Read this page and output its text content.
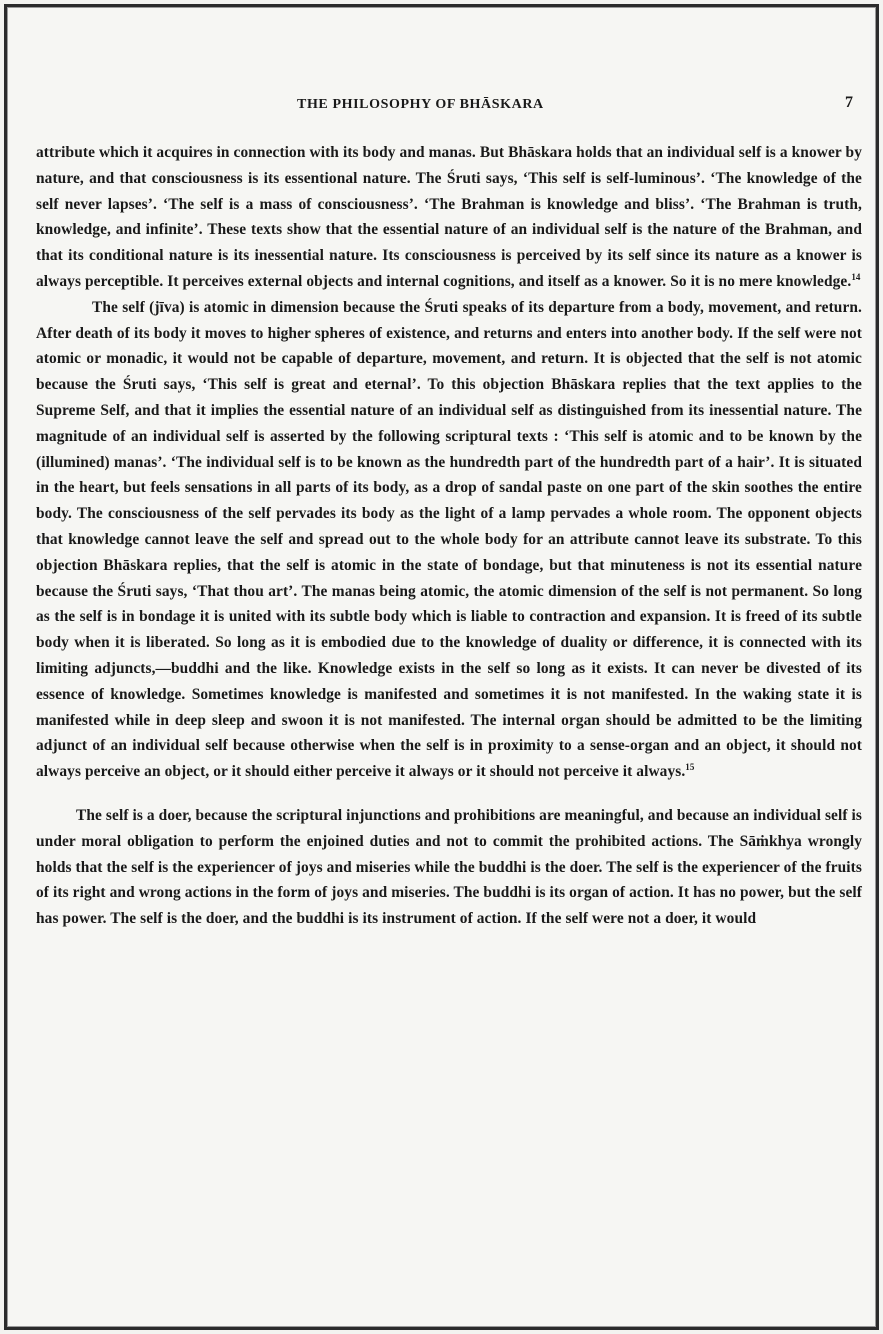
THE PHILOSOPHY OF BHĀSKARA	7

attribute which it acquires in connection with its body and manas. But Bhāskara holds that an individual self is a knower by nature, and that consciousness is its essentional nature. The Śruti says, ‘This self is self-luminous’. ‘The knowledge of the self never lapses’. ‘The self is a mass of consciousness’. ‘The Brahman is knowledge and bliss’. ‘The Brahman is truth, knowledge, and infinite’. These texts show that the essential nature of an individual self is the nature of the Brahman, and that its conditional nature is its inessential nature. Its consciousness is perceived by its self since its nature as a knower is always perceptible. It perceives external objects and internal cognitions, and itself as a knower. So it is no mere knowledge.$^{14}$

The self (jīva) is atomic in dimension because the Śruti speaks of its departure from a body, movement, and return. After death of its body it moves to higher spheres of existence, and returns and enters into another body. If the self were not atomic or monadic, it would not be capable of departure, movement, and return. It is objected that the self is not atomic because the Śruti says, ‘This self is great and eternal’. To this objection Bhāskara replies that the text applies to the Supreme Self, and that it implies the essential nature of an individual self as distinguished from its inessential nature. The magnitude of an individual self is asserted by the following scriptural texts : ‘This self is atomic and to be known by the (illumined) manas’. ‘The individual self is to be known as the hundredth part of the hundredth part of a hair’. It is situated in the heart, but feels sensations in all parts of its body, as a drop of sandal paste on one part of the skin soothes the entire body. The consciousness of the self pervades its body as the light of a lamp pervades a whole room. The opponent objects that knowledge cannot leave the self and spread out to the whole body for an attribute cannot leave its substrate. To this objection Bhāskara replies, that the self is atomic in the state of bondage, but that minuteness is not its essential nature because the Śruti says, ‘That thou art’. The manas being atomic, the atomic dimension of the self is not permanent. So long as the self is in bondage it is united with its subtle body which is liable to contraction and expansion. It is freed of its subtle body when it is liberated. So long as it is embodied due to the knowledge of duality or difference, it is connected with its limiting adjuncts,—buddhi and the like. Knowledge exists in the self so long as it exists. It can never be divested of its essence of knowledge. Sometimes knowledge is manifested and sometimes it is not manifested. In the waking state it is manifested while in deep sleep and swoon it is not manifested. The internal organ should be admitted to be the limiting adjunct of an individual self because otherwise when the self is in proximity to a sense-organ and an object, it should not always perceive an object, or it should either perceive it always or it should not perceive it always.$^{15}$

The self is a doer, because the scriptural injunctions and prohibitions are meaningful, and because an individual self is under moral obligation to perform the enjoined duties and not to commit the prohibited actions. The Sāṁkhya wrongly holds that the self is the experiencer of joys and miseries while the buddhi is the doer. The self is the experiencer of the fruits of its right and wrong actions in the form of joys and miseries. The buddhi is its organ of action. It has no power, but the self has power. The self is the doer, and the buddhi is its instrument of action. If the self were not a doer, it would
